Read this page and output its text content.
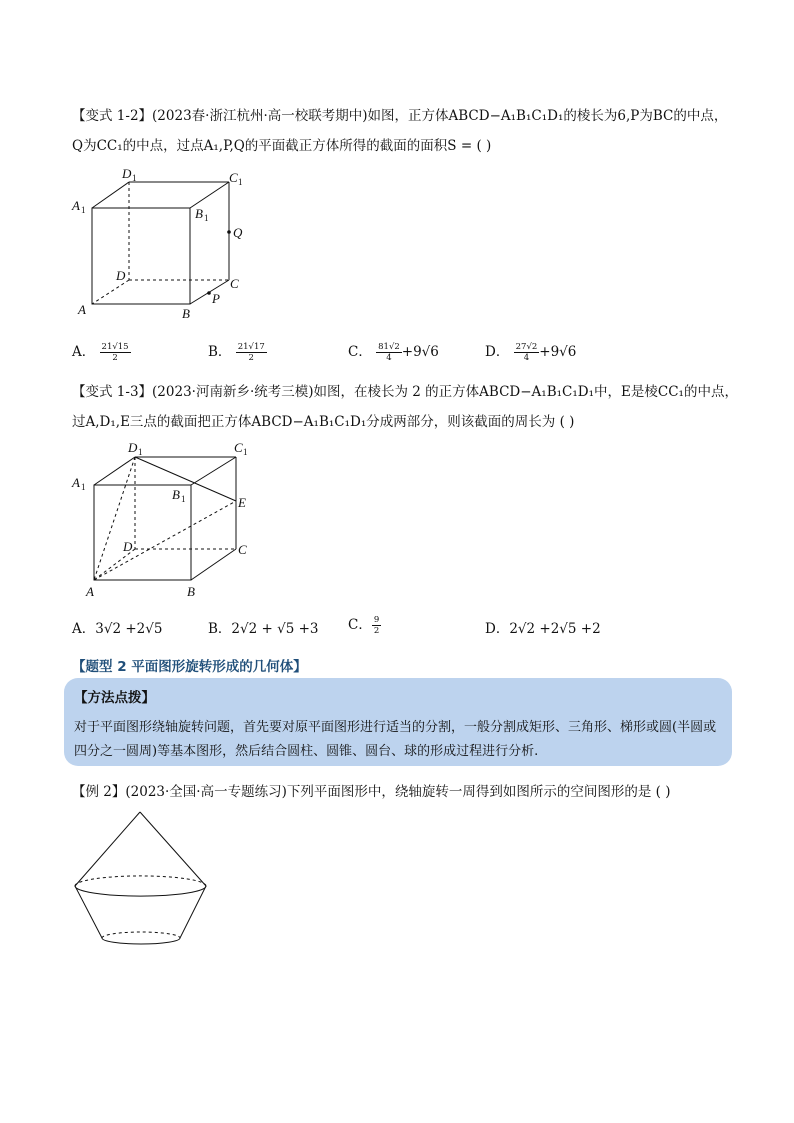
【变式 1-2】(2023春·浙江杭州·高一校联考期中)如图，正方体ABCD−A₁B₁C₁D₁的棱长为6,P为BC的中点，
Q为CC₁的中点，过点A₁,P,Q的平面截正方体所得的截面的面积S = ( )
D 1	C 1
A 1	B 1
Q
D
C
A
P
B
A． $\frac{21√15}{2}$	B． $\frac{21√17}{2}$	C． $\frac{81√2}{4} +9√6$	D． $\frac{27√2}{4} +9√6$
【变式 1-3】(2023·河南新乡·统考三模)如图，在棱长为 2 的正方体ABCD−A₁B₁C₁D₁中，E是棱CC₁的中点，
过A,D₁,E三点的截面把正方体ABCD−A₁B₁C₁D₁分成两部分，则该截面的周长为 ( )
D 1	C 1
A 1	B 1	E
D	C
A	B
A．3√2 +2√5	B．2√2 + √5 +3 C． $\frac{9}{2}$	D．2√2 +2√5 +2
【题型 2 平面图形旋转形成的几何体】
【方法点拨】
对于平面图形绕轴旋转问题，首先要对原平面图形进行适当的分割，一般分割成矩形、三角形、梯形或圆(半圆或四分之一圆周)等基本图形，然后结合圆柱、圆锥、圆台、球的形成过程进行分析.
【例 2】(2023·全国·高一专题练习)下列平面图形中，绕轴旋转一周得到如图所示的空间图形的是 ( )
